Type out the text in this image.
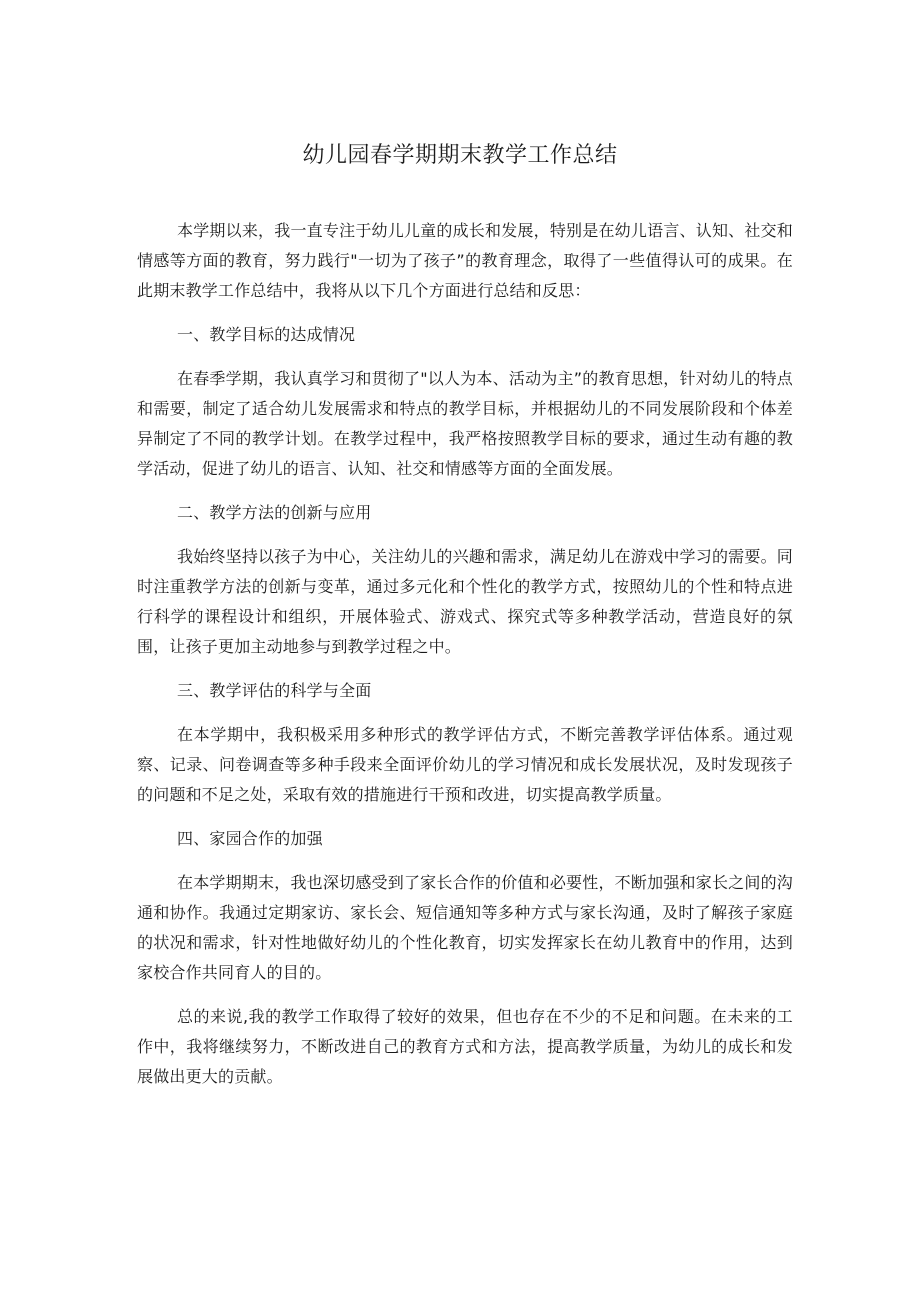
幼儿园春学期期末教学工作总结

本学期以来，我一直专注于幼儿儿童的成长和发展，特别是在幼儿语言、认知、社交和情感等方面的教育，努力践行"一切为了孩子”的教育理念，取得了一些值得认可的成果。在此期末教学工作总结中，我将从以下几个方面进行总结和反思：

一、教学目标的达成情况

在春季学期，我认真学习和贯彻了"以人为本、活动为主”的教育思想，针对幼儿的特点和需要，制定了适合幼儿发展需求和特点的教学目标，并根据幼儿的不同发展阶段和个体差异制定了不同的教学计划。在教学过程中，我严格按照教学目标的要求，通过生动有趣的教学活动，促进了幼儿的语言、认知、社交和情感等方面的全面发展。

二、教学方法的创新与应用

我始终坚持以孩子为中心，关注幼儿的兴趣和需求，满足幼儿在游戏中学习的需要。同时注重教学方法的创新与变革，通过多元化和个性化的教学方式，按照幼儿的个性和特点进行科学的课程设计和组织，开展体验式、游戏式、探究式等多种教学活动，营造良好的氛围，让孩子更加主动地参与到教学过程之中。

三、教学评估的科学与全面

在本学期中，我积极采用多种形式的教学评估方式，不断完善教学评估体系。通过观察、记录、问卷调查等多种手段来全面评价幼儿的学习情况和成长发展状况，及时发现孩子的问题和不足之处，采取有效的措施进行干预和改进，切实提高教学质量。

四、家园合作的加强

在本学期期末，我也深切感受到了家长合作的价值和必要性，不断加强和家长之间的沟通和协作。我通过定期家访、家长会、短信通知等多种方式与家长沟通，及时了解孩子家庭的状况和需求，针对性地做好幼儿的个性化教育，切实发挥家长在幼儿教育中的作用，达到家校合作共同育人的目的。

总的来说,我的教学工作取得了较好的效果，但也存在不少的不足和问题。在未来的工作中，我将继续努力，不断改进自己的教育方式和方法，提高教学质量，为幼儿的成长和发展做出更大的贡献。
